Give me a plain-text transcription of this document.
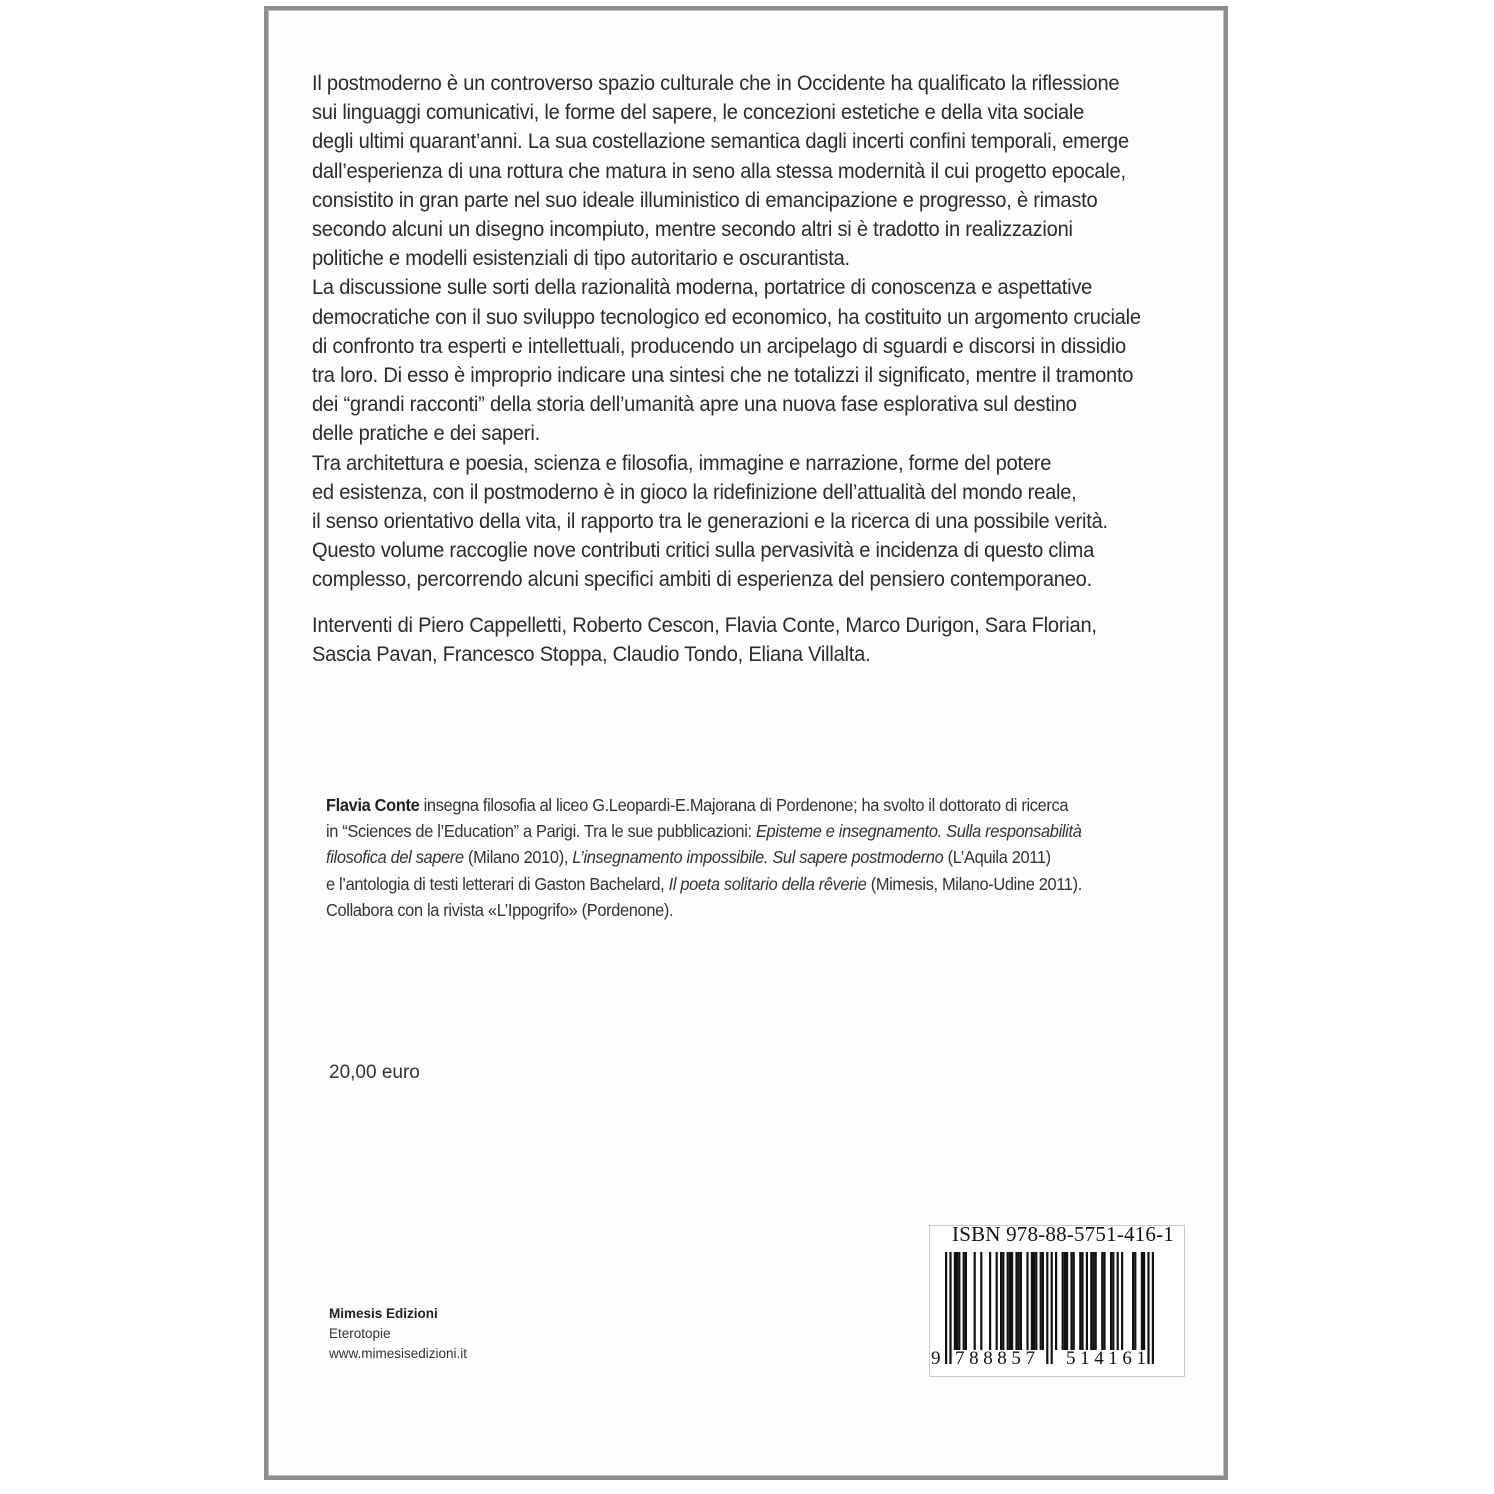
Il postmoderno è un controverso spazio culturale che in Occidente ha qualificato la riflessione
sui linguaggi comunicativi, le forme del sapere, le concezioni estetiche e della vita sociale
degli ultimi quarant’anni. La sua costellazione semantica dagli incerti confini temporali, emerge
dall’esperienza di una rottura che matura in seno alla stessa modernità il cui progetto epocale,
consistito in gran parte nel suo ideale illuministico di emancipazione e progresso, è rimasto
secondo alcuni un disegno incompiuto, mentre secondo altri si è tradotto in realizzazioni
politiche e modelli esistenziali di tipo autoritario e oscurantista.
La discussione sulle sorti della razionalità moderna, portatrice di conoscenza e aspettative
democratiche con il suo sviluppo tecnologico ed economico, ha costituito un argomento cruciale
di confronto tra esperti e intellettuali, producendo un arcipelago di sguardi e discorsi in dissidio
tra loro. Di esso è improprio indicare una sintesi che ne totalizzi il significato, mentre il tramonto
dei “grandi racconti” della storia dell’umanità apre una nuova fase esplorativa sul destino
delle pratiche e dei saperi.
Tra architettura e poesia, scienza e filosofia, immagine e narrazione, forme del potere
ed esistenza, con il postmoderno è in gioco la ridefinizione dell’attualità del mondo reale,
il senso orientativo della vita, il rapporto tra le generazioni e la ricerca di una possibile verità.
Questo volume raccoglie nove contributi critici sulla pervasività e incidenza di questo clima
complesso, percorrendo alcuni specifici ambiti di esperienza del pensiero contemporaneo.
Interventi di Piero Cappelletti, Roberto Cescon, Flavia Conte, Marco Durigon, Sara Florian,
Sascia Pavan, Francesco Stoppa, Claudio Tondo, Eliana Villalta.
Flavia Conte insegna filosofia al liceo G.Leopardi-E.Majorana di Pordenone; ha svolto il dottorato di ricerca
in “Sciences de l’Education” a Parigi. Tra le sue pubblicazioni: Episteme e insegnamento. Sulla responsabilità
filosofica del sapere (Milano 2010), L’insegnamento impossibile. Sul sapere postmoderno (L’Aquila 2011)
e l’antologia di testi letterari di Gaston Bachelard, Il poeta solitario della rêverie (Mimesis, Milano-Udine 2011).
Collabora con la rivista «L’Ippogrifo» (Pordenone).
Mimesis Edizioni
Eterotopie
www.mimesisedizioni.it
20,00 euro
ISBN 978-88-5751-416-1
9 788857 514161
